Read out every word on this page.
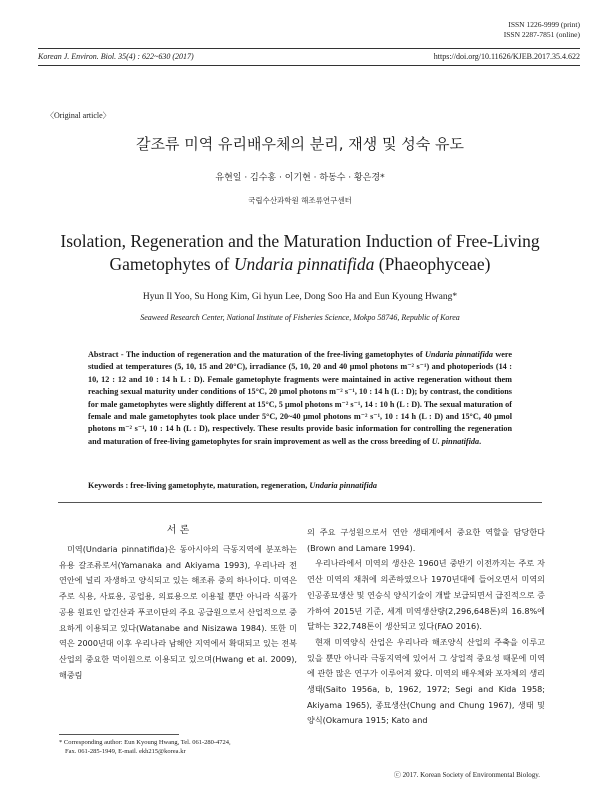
ISSN 1226-9999 (print)
ISSN 2287-7851 (online)
Korean J. Environ. Biol. 35(4) : 622~630 (2017)	https://doi.org/10.11626/KJEB.2017.35.4.622
〈Original article〉
갈조류 미역 유리배우체의 분리, 재생 및 성숙 유도
유현일 · 김수홍 · 이기현 · 하동수 · 황은경*
국립수산과학원 해조류연구센터
Isolation, Regeneration and the Maturation Induction of Free-Living
Gametophytes of Undaria pinnatifida (Phaeophyceae)
Hyun Il Yoo, Su Hong Kim, Gi hyun Lee, Dong Soo Ha and Eun Kyoung Hwang*
Seaweed Research Center, National Institute of Fisheries Science, Mokpo 58746, Republic of Korea
Abstract - The induction of regeneration and the maturation of the free-living gametophytes of Undaria pinnatifida were studied at temperatures (5, 10, 15 and 20°C), irradiance (5, 10, 20 and 40 μmol photons m⁻² s⁻¹) and photoperiods (14 : 10, 12 : 12 and 10 : 14 h L : D). Female gametophyte fragments were maintained in active regeneration without them reaching sexual maturity under conditions of 15°C, 20 μmol photons m⁻² s⁻¹, 10 : 14 h (L : D); by contrast, the conditions for male gametophytes were slightly different at 15°C, 5 μmol photons m⁻² s⁻¹, 14 : 10 h (L : D). The sexual maturation of female and male gametophytes took place under 5°C, 20~40 μmol photons m⁻² s⁻¹, 10 : 14 h (L : D) and 15°C, 40 μmol photons m⁻² s⁻¹, 10 : 14 h (L : D), respectively. These results provide basic information for controlling the regeneration and maturation of free-living gametophytes for srain improvement as well as the cross breeding of U. pinnatifida.
Keywords : free-living gametophyte, maturation, regeneration, Undaria pinnatifida
서 론

미역(Undaria pinnatifida)은 동아시아의 극동지역에 분포하는 유용 갈조류로서(Yamanaka and Akiyama 1993), 우리나라 전 연안에 널리 자생하고 양식되고 있는 해조류 중의 하나이다. 미역은 주로 식용, 사료용, 공업용, 의료용으로 이용될 뿐만 아니라 식품가공용 원료인 알긴산과 푸코이단의 주요 공급원으로서 산업적으로 중요하게 이용되고 있다(Watanabe and Nisizawa 1984). 또한 미역은 2000년대 이후 우리나라 남해안 지역에서 확대되고 있는 전복 산업의 중요한 먹이원으로 이용되고 있으며(Hwang et al. 2009), 해중림

의 주요 구성원으로서 연안 생태계에서 중요한 역할을 담당한다(Brown and Lamare 1994).

우리나라에서 미역의 생산은 1960년 중반기 이전까지는 주로 자연산 미역의 채취에 의존하였으나 1970년대에 들어오면서 미역의 인공종묘생산 및 연승식 양식기술이 개발 보급되면서 급진적으로 증가하여 2015년 기준, 세계 미역생산량(2,296,648톤)의 16.8%에 달하는 322,748톤이 생산되고 있다(FAO 2016).

현재 미역양식 산업은 우리나라 해조양식 산업의 주축을 이루고 있을 뿐만 아니라 극동지역에 있어서 그 상업적 중요성 때문에 미역에 관한 많은 연구가 이루어져 왔다. 미역의 배우체와 포자체의 생리생태(Saito 1956a, b, 1962, 1972; Segi and Kida 1958; Akiyama 1965), 종묘생산(Chung and Chung 1967), 생태 및 양식(Okamura 1915; Kato and

* Corresponding author: Eun Kyoung Hwang, Tel. 061-280-4724,
Fax. 061-285-1949, E-mail. ekh215@korea.kr
ⓒ 2017. Korean Society of Environmental Biology.
